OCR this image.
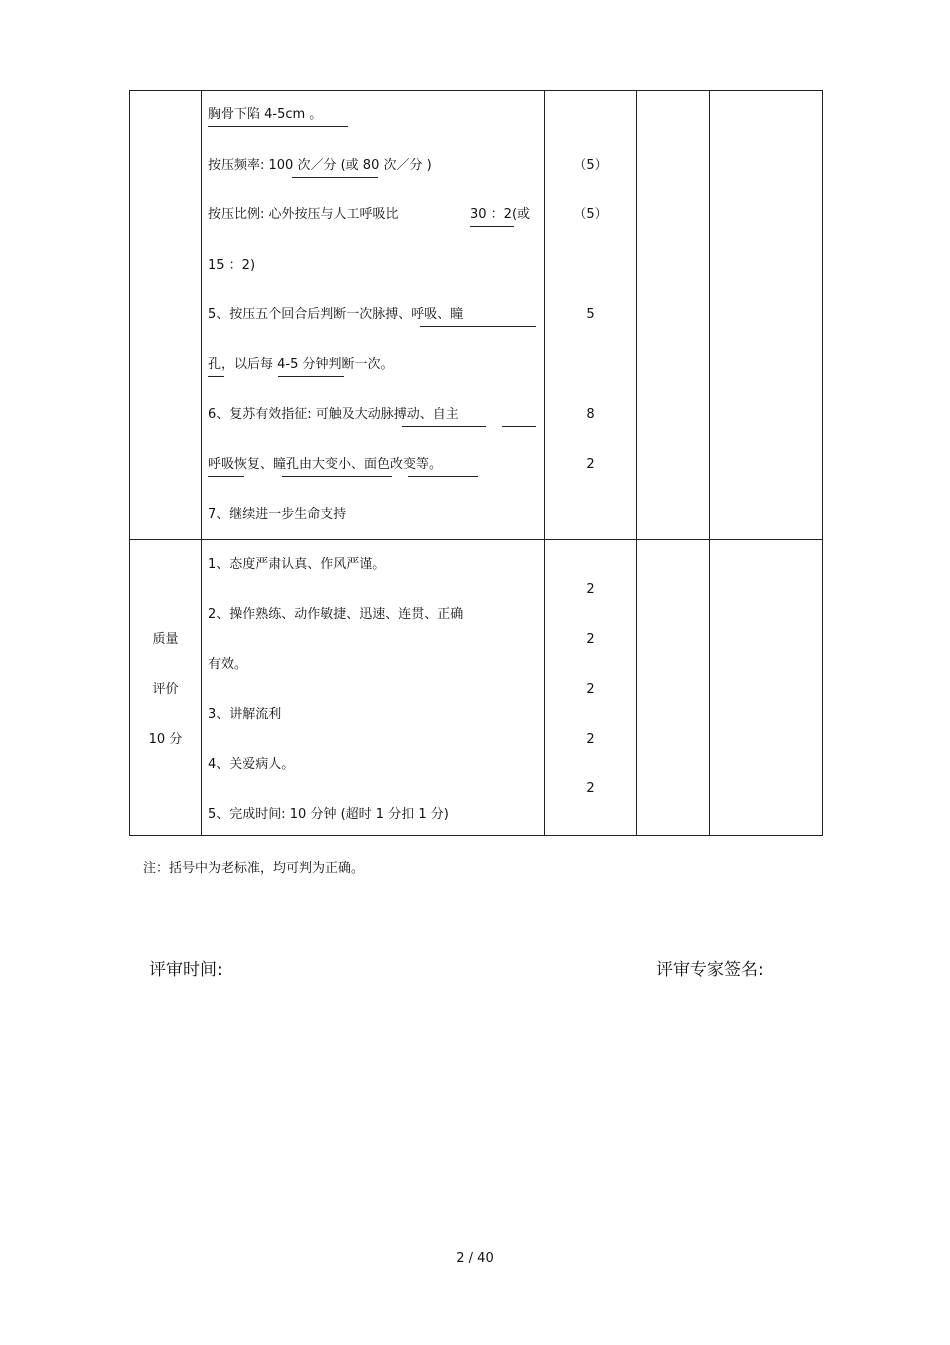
胸骨下陷 4-5cm 。
按压频率: 100 次／分 (或 80 次／分 )
按压比例: 心外按压与人工呼吸比	30 ：2(或
15 ：2)
5、按压五个回合后判断一次脉搏、呼吸、瞳
孔，以后每 4-5 分钟判断一次。
6、复苏有效指征: 可触及大动脉搏动、自主
呼吸恢复、瞳孔由大变小、面色改变等。
7、继续进一步生命支持
（5）
（5）
5
8
2
质量
评价
10 分
1、态度严肃认真、作风严谨。
2、操作熟练、动作敏捷、迅速、连贯、正确
有效。
3、讲解流利
4、关爱病人。
5、完成时间: 10 分钟 (超时 1 分扣 1 分)
2
2
2
2
2
注：括号中为老标准，均可判为正确。
评审时间:	评审专家签名:
2 / 40
